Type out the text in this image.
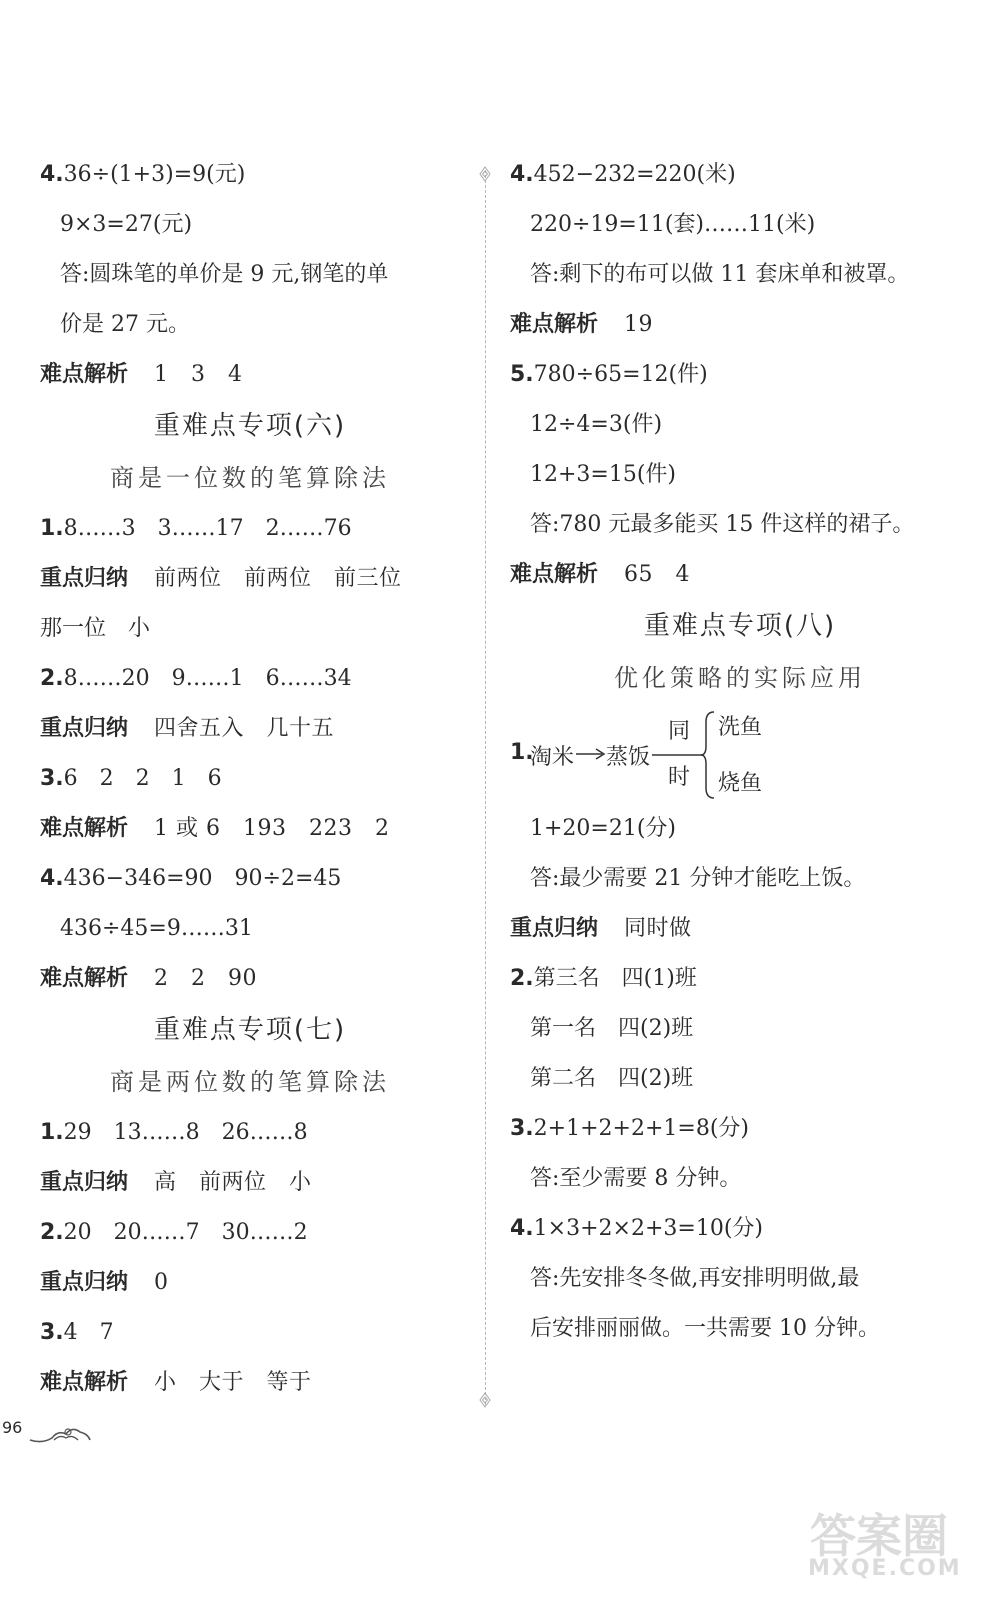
4.36÷(1+3)=9(元)
9×3=27(元)
答:圆珠笔的单价是 9 元,钢笔的单
价是 27 元。
难点解析 1　3　4
重难点专项(六)
商是一位数的笔算除法
1.8……3　3……17　2……76
重点归纳 前两位　前两位　前三位
那一位　小
2.8……20　9……1　6……34
重点归纳 四舍五入　几十五
3.6　2　2　1　6
难点解析 1 或 6　193　223　2
4.436−346=90　90÷2=45
436÷45=9……31
难点解析 2　2　90
重难点专项(七)
商是两位数的笔算除法
1.29　13……8　26……8
重点归纳 高　前两位　小
2.20　20……7　30……2
重点归纳 0
3.4　7
难点解析 小　大于　等于
4.452−232=220(米)
220÷19=11(套)……11(米)
答:剩下的布可以做 11 套床单和被罩。
难点解析 19
5.780÷65=12(件)
12÷4=3(件)
12+3=15(件)
答:780 元最多能买 15 件这样的裙子。
难点解析 65　4
重难点专项(八)
优化策略的实际应用
1.
淘米 蒸饭
同
时
洗鱼
烧鱼
1+20=21(分)
答:最少需要 21 分钟才能吃上饭。
重点归纳 同时做
2.第三名　四(1)班
第一名　四(2)班
第二名　四(2)班
3.2+1+2+2+1=8(分)
答:至少需要 8 分钟。
4.1×3+2×2+3=10(分)
答:先安排冬冬做,再安排明明做,最
后安排丽丽做。一共需要 10 分钟。
96
答案圈
MXQE.COM
